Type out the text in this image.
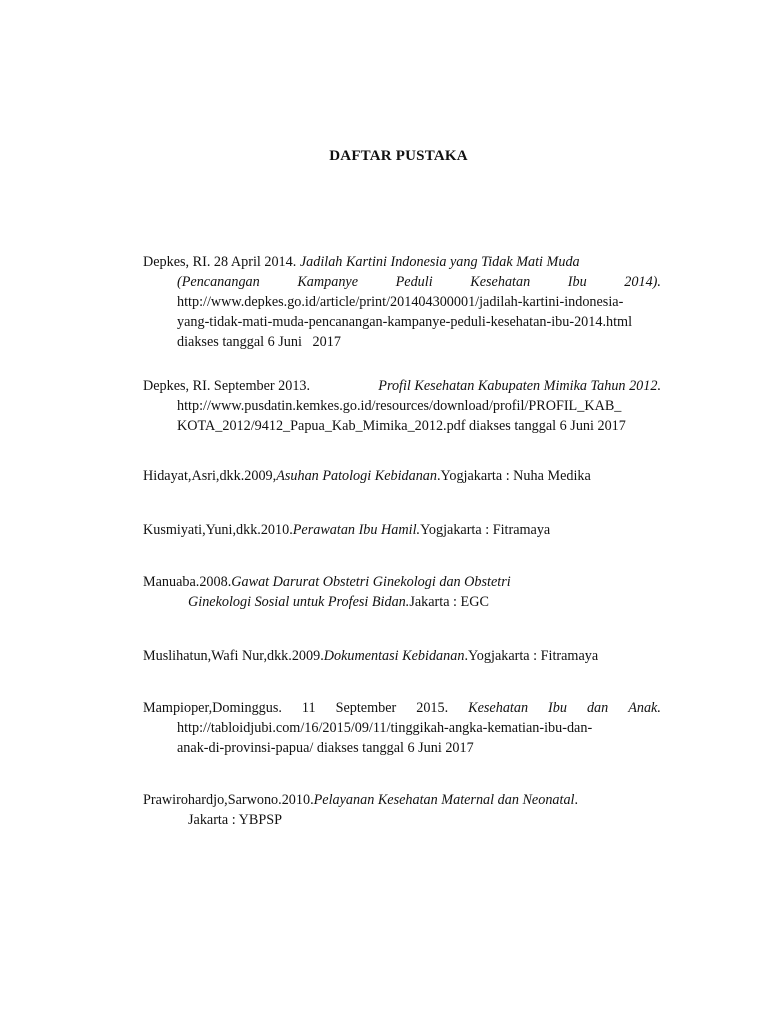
DAFTAR PUSTAKA
Depkes, RI. 28 April 2014. Jadilah Kartini Indonesia yang Tidak Mati Muda
(Pencanangan	Kampanye	Peduli	Kesehatan	Ibu	2014).
http://www.depkes.go.id/article/print/201404300001/jadilah-kartini-indonesia-
yang-tidak-mati-muda-pencanangan-kampanye-peduli-kesehatan-ibu-2014.html
diakses tanggal 6 Juni   2017
Depkes, RI. September 2013.	Profil Kesehatan Kabupaten Mimika Tahun 2012.
http://www.pusdatin.kemkes.go.id/resources/download/profil/PROFIL_KAB_
KOTA_2012/9412_Papua_Kab_Mimika_2012.pdf diakses tanggal 6 Juni 2017
Hidayat,Asri,dkk.2009,Asuhan Patologi Kebidanan.Yogjakarta : Nuha Medika
Kusmiyati,Yuni,dkk.2010.Perawatan Ibu Hamil.Yogjakarta : Fitramaya
Manuaba.2008.Gawat Darurat Obstetri Ginekologi dan Obstetri
Ginekologi Sosial untuk Profesi Bidan.Jakarta : EGC
Muslihatun,Wafi Nur,dkk.2009.Dokumentasi Kebidanan.Yogjakarta : Fitramaya
Mampioper,Dominggus. 11 September 2015. Kesehatan Ibu dan Anak.
http://tabloidjubi.com/16/2015/09/11/tinggikah-angka-kematian-ibu-dan-
anak-di-provinsi-papua/ diakses tanggal 6 Juni 2017
Prawirohardjo,Sarwono.2010.Pelayanan Kesehatan Maternal dan Neonatal.
Jakarta : YBPSP
